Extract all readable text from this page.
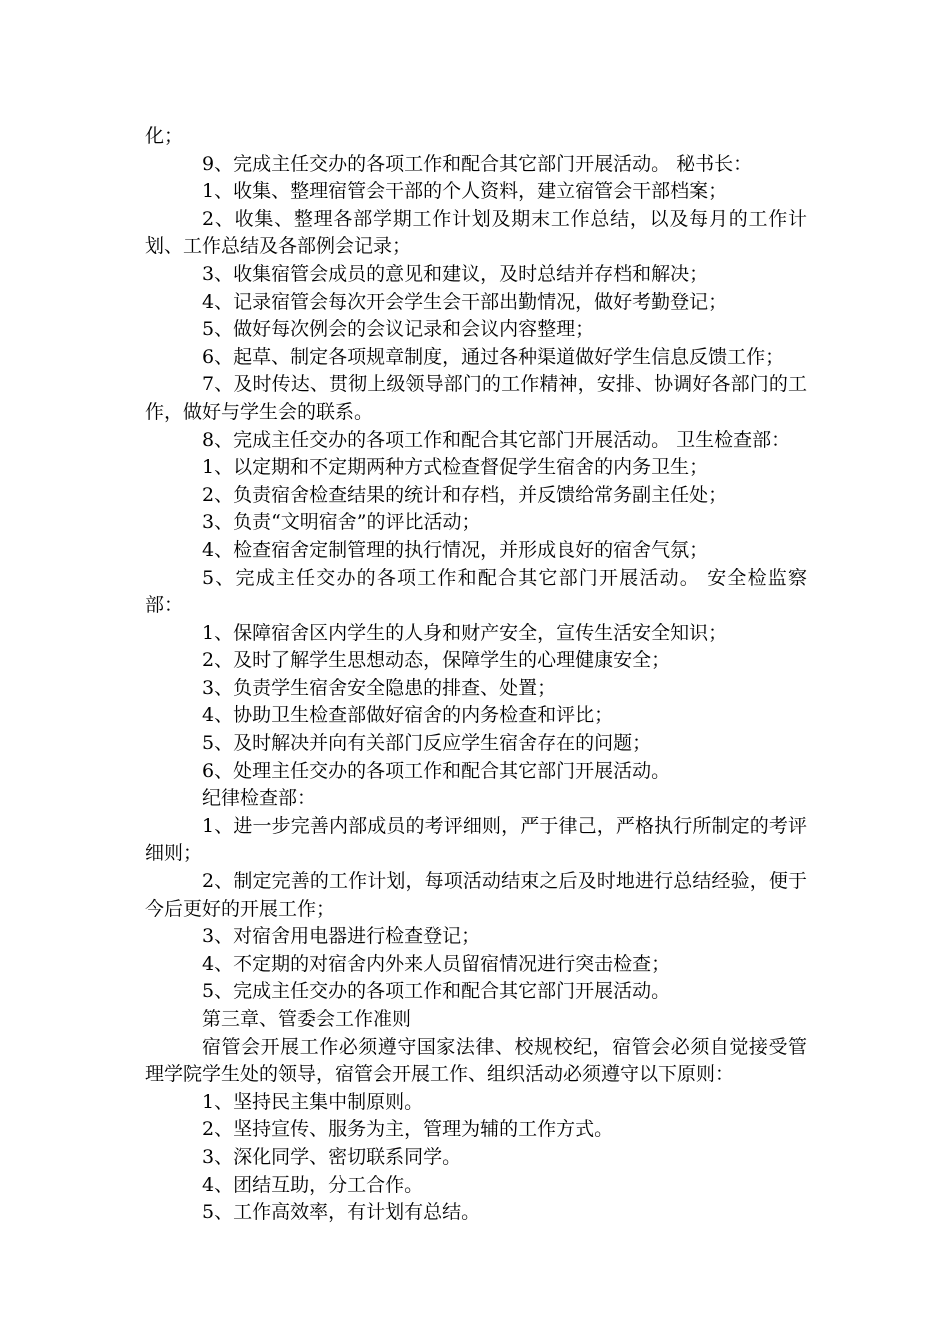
化；

9、完成主任交办的各项工作和配合其它部门开展活动。 秘书长：

1、收集、整理宿管会干部的个人资料，建立宿管会干部档案；

2、收集、整理各部学期工作计划及期末工作总结，以及每月的工作计划、工作总结及各部例会记录；

3、收集宿管会成员的意见和建议，及时总结并存档和解决；

4、记录宿管会每次开会学生会干部出勤情况，做好考勤登记；

5、做好每次例会的会议记录和会议内容整理；

6、起草、制定各项规章制度，通过各种渠道做好学生信息反馈工作；

7、及时传达、贯彻上级领导部门的工作精神，安排、协调好各部门的工作，做好与学生会的联系。

8、完成主任交办的各项工作和配合其它部门开展活动。 卫生检查部：

1、以定期和不定期两种方式检查督促学生宿舍的内务卫生；

2、负责宿舍检查结果的统计和存档，并反馈给常务副主任处；

3、负责“文明宿舍”的评比活动；

4、检查宿舍定制管理的执行情况，并形成良好的宿舍气氛；

5、完成主任交办的各项工作和配合其它部门开展活动。 安全检监察部：

1、保障宿舍区内学生的人身和财产安全，宣传生活安全知识；

2、及时了解学生思想动态，保障学生的心理健康安全；

3、负责学生宿舍安全隐患的排查、处置；

4、协助卫生检查部做好宿舍的内务检查和评比；

5、及时解决并向有关部门反应学生宿舍存在的问题；

6、处理主任交办的各项工作和配合其它部门开展活动。

纪律检查部：

1、进一步完善内部成员的考评细则，严于律己，严格执行所制定的考评细则；

2、制定完善的工作计划，每项活动结束之后及时地进行总结经验，便于今后更好的开展工作；

3、对宿舍用电器进行检查登记；

4、不定期的对宿舍内外来人员留宿情况进行突击检查；

5、完成主任交办的各项工作和配合其它部门开展活动。

第三章、管委会工作准则

宿管会开展工作必须遵守国家法律、校规校纪，宿管会必须自觉接受管理学院学生处的领导，宿管会开展工作、组织活动必须遵守以下原则：

1、坚持民主集中制原则。

2、坚持宣传、服务为主，管理为辅的工作方式。

3、深化同学、密切联系同学。

4、团结互助，分工合作。

5、工作高效率，有计划有总结。
